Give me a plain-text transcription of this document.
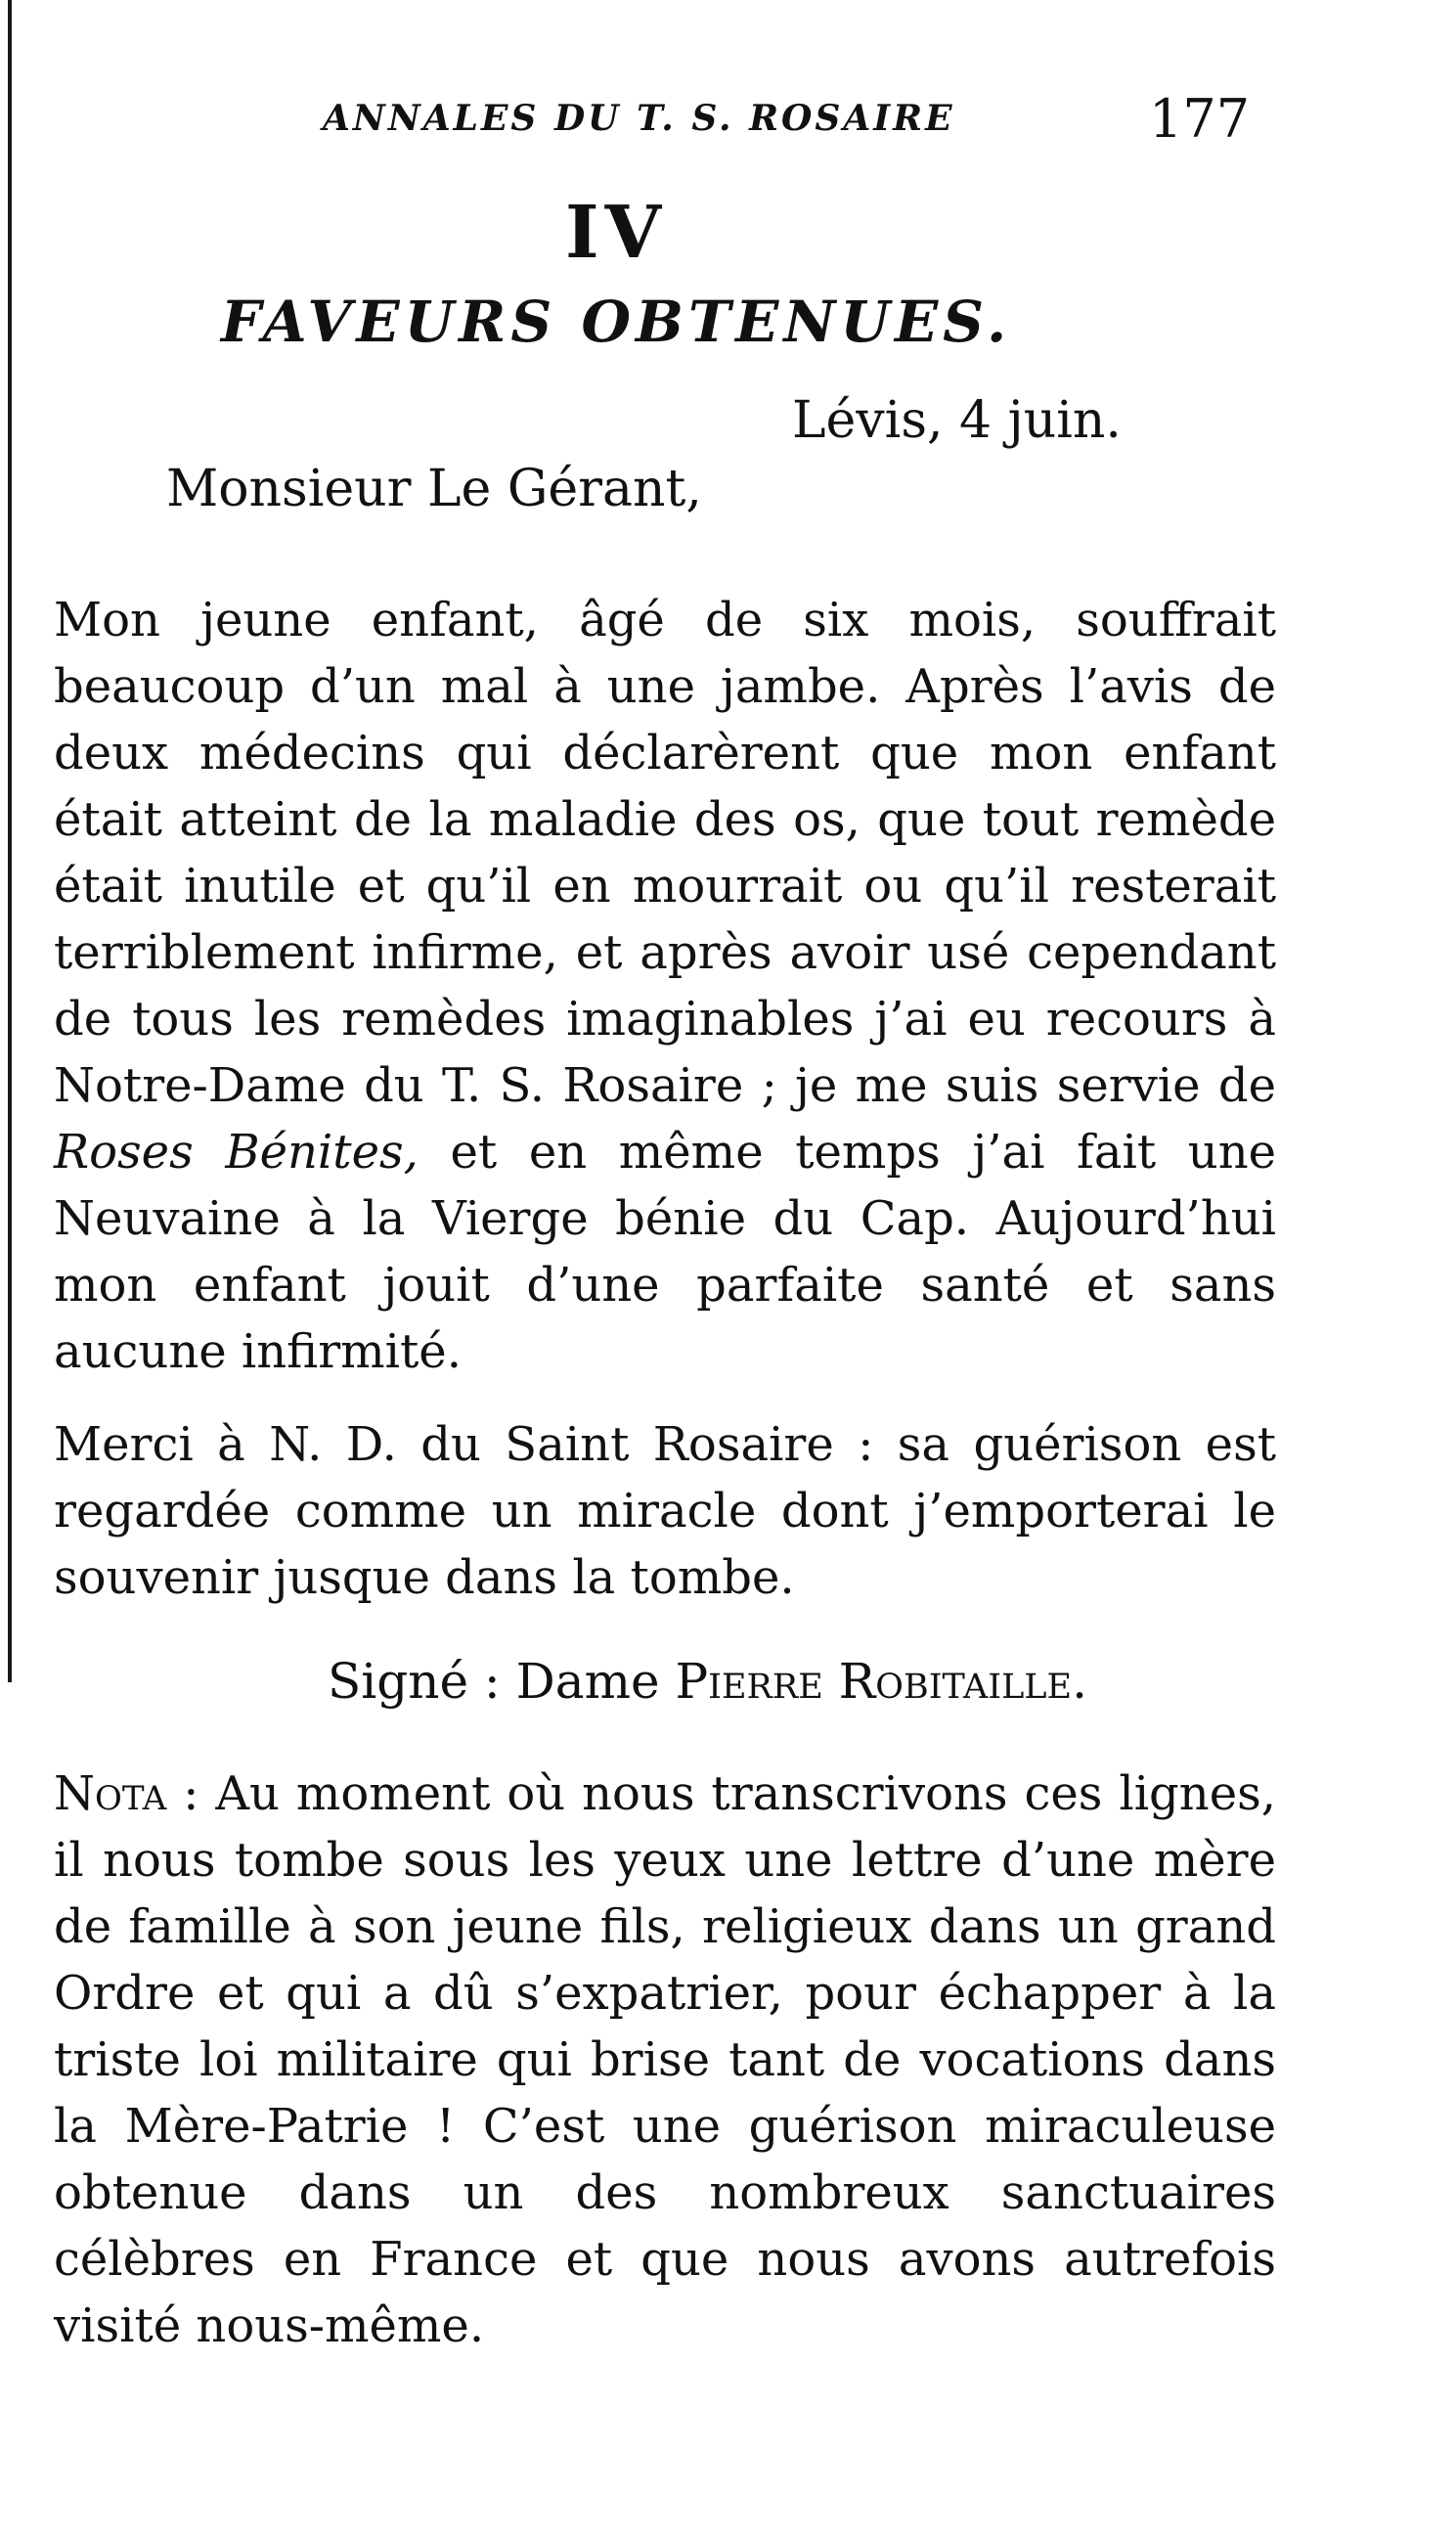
ANNALES DU T. S. ROSAIRE	177
IV
FAVEURS OBTENUES.
Lévis, 4 juin.
Monsieur Le Gérant,

Mon jeune enfant, âgé de six mois, souffrait beaucoup d’un mal à une jambe. Après l’avis de deux médecins qui déclarèrent que mon enfant était atteint de la maladie des os, que tout remède était inutile et qu’il en mourrait ou qu’il resterait terriblement infirme, et après avoir usé cependant de tous les remèdes imaginables j’ai eu recours à Notre-Dame du T. S. Rosaire ; je me suis servie de Roses Bénites, et en même temps j’ai fait une Neuvaine à la Vierge bénie du Cap. Aujourd’hui mon enfant jouit d’une parfaite santé et sans aucune infirmité.

Merci à N. D. du Saint Rosaire : sa guérison est regardée comme un miracle dont j’emporterai le souvenir jusque dans la tombe.

Signé : Dame Pierre Robitaille.

Nota : Au moment où nous transcrivons ces lignes, il nous tombe sous les yeux une lettre d’une mère de famille à son jeune fils, religieux dans un grand Ordre et qui a dû s’expatrier, pour échapper à la triste loi militaire qui brise tant de vocations dans la Mère-Patrie ! C’est une guérison miraculeuse obtenue dans un des nombreux sanctuaires célèbres en France et que nous avons autrefois visité nous-même.
